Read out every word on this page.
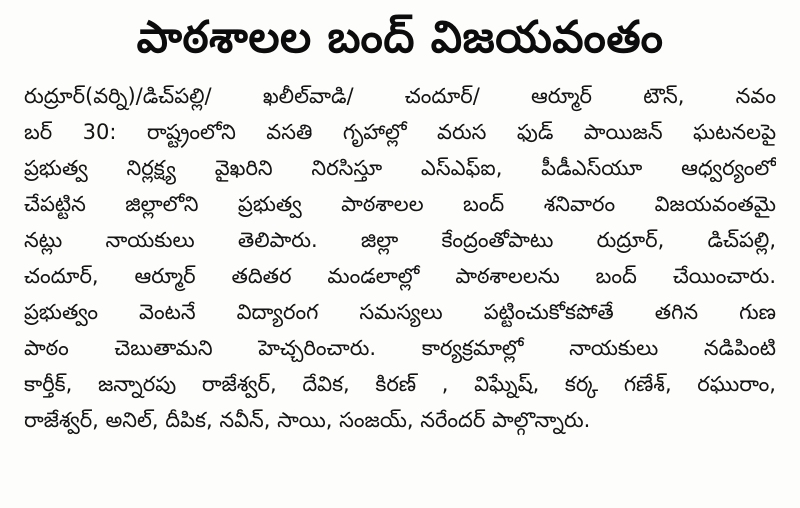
పాఠశాలల బంద్ విజయవంతం
రుద్రూర్(వర్ని)/డిచ్‌పల్లి/ ఖలీల్‌వాడి/ చందూర్/ ఆర్మూర్ టౌన్, నవం
బర్ 30: రాష్ట్రంలోని వసతి గృహాల్లో వరుస ఫుడ్ పాయిజన్ ఘటనలపై
ప్రభుత్వ నిర్లక్ష్య వైఖరిని నిరసిస్తూ ఎస్ఎఫ్ఐ, పీడీఎస్‌యూ ఆధ్వర్యంలో
చేపట్టిన జిల్లాలోని ప్రభుత్వ పాఠశాలల బంద్ శనివారం విజయవంతమై
నట్లు నాయకులు తెలిపారు. జిల్లా కేంద్రంతోపాటు రుద్రూర్, డిచ్‌పల్లి,
చందూర్, ఆర్మూర్ తదితర మండలాల్లో పాఠశాలలను బంద్ చేయించారు.
ప్రభుత్వం వెంటనే విద్యారంగ సమస్యలు పట్టించుకోకపోతే తగిన గుణ
పాఠం చెబుతామని హెచ్చరించారు. కార్యక్రమాల్లో నాయకులు నడిపింటి
కార్తీక్, జన్నారపు రాజేశ్వర్, దేవిక, కిరణ్ , విఘ్నేష్, కర్క గణేశ్, రఘురాం,
రాజేశ్వర్, అనిల్, దీపిక, నవీన్, సాయి, సంజయ్, నరేందర్ పాల్గొన్నారు.
